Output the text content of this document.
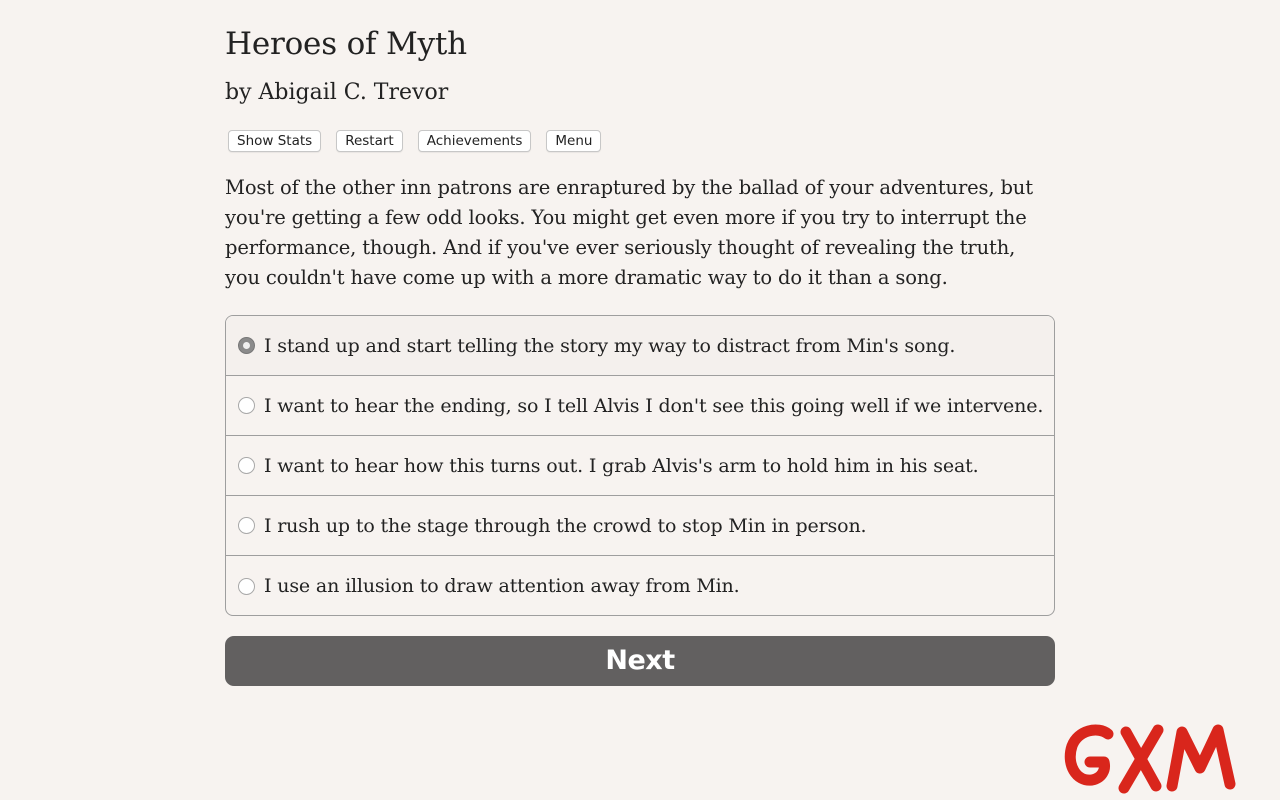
Heroes of Myth
by Abigail C. Trevor
Show Stats	Restart	Achievements	Menu

Most of the other inn patrons are enraptured by the ballad of your adventures, but you're getting a few odd looks. You might get even more if you try to interrupt the performance, though. And if you've ever seriously thought of revealing the truth, you couldn't have come up with a more dramatic way to do it than a song.

I stand up and start telling the story my way to distract from Min's song.
I want to hear the ending, so I tell Alvis I don't see this going well if we intervene.
I want to hear how this turns out. I grab Alvis's arm to hold him in his seat.
I rush up to the stage through the crowd to stop Min in person.
I use an illusion to draw attention away from Min.
Next
